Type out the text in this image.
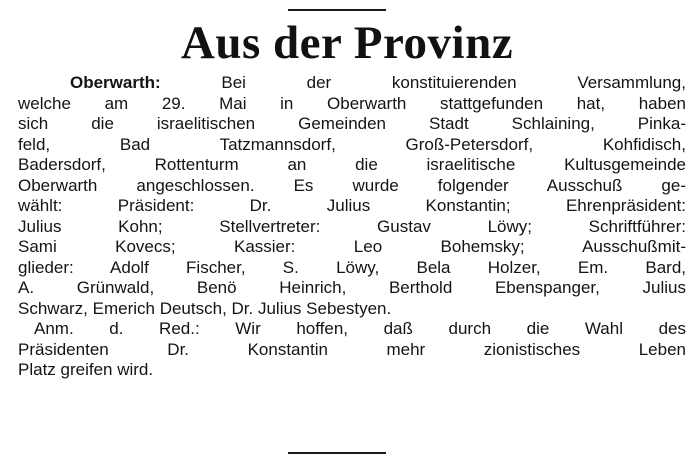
Aus der Provinz
Oberwarth:	Bei der konstituierenden Versammlung,
welche am 29. Mai in Oberwarth stattgefunden hat, haben
sich die israelitischen Gemeinden Stadt Schlaining, Pinka-
feld, Bad Tatzmannsdorf, Groß-Petersdorf, Kohfidisch,
Badersdorf, Rottenturm an die israelitische Kultusgemeinde
Oberwarth angeschlossen. Es wurde folgender Ausschuß ge-
wählt: Präsident: Dr. Julius Konstantin; Ehrenpräsident:
Julius Kohn; Stellvertreter: Gustav Löwy; Schriftführer:
Sami Kovecs; Kassier: Leo Bohemsky; Ausschußmit-
glieder: Adolf Fischer, S. Löwy, Bela Holzer, Em. Bard,
A. Grünwald, Benö Heinrich, Berthold Ebenspanger, Julius
Schwarz, Emerich Deutsch, Dr. Julius Sebestyen.
Anm. d. Red.: Wir hoffen, daß durch die Wahl des
Präsidenten Dr. Konstantin mehr zionistisches Leben
Platz greifen wird.
